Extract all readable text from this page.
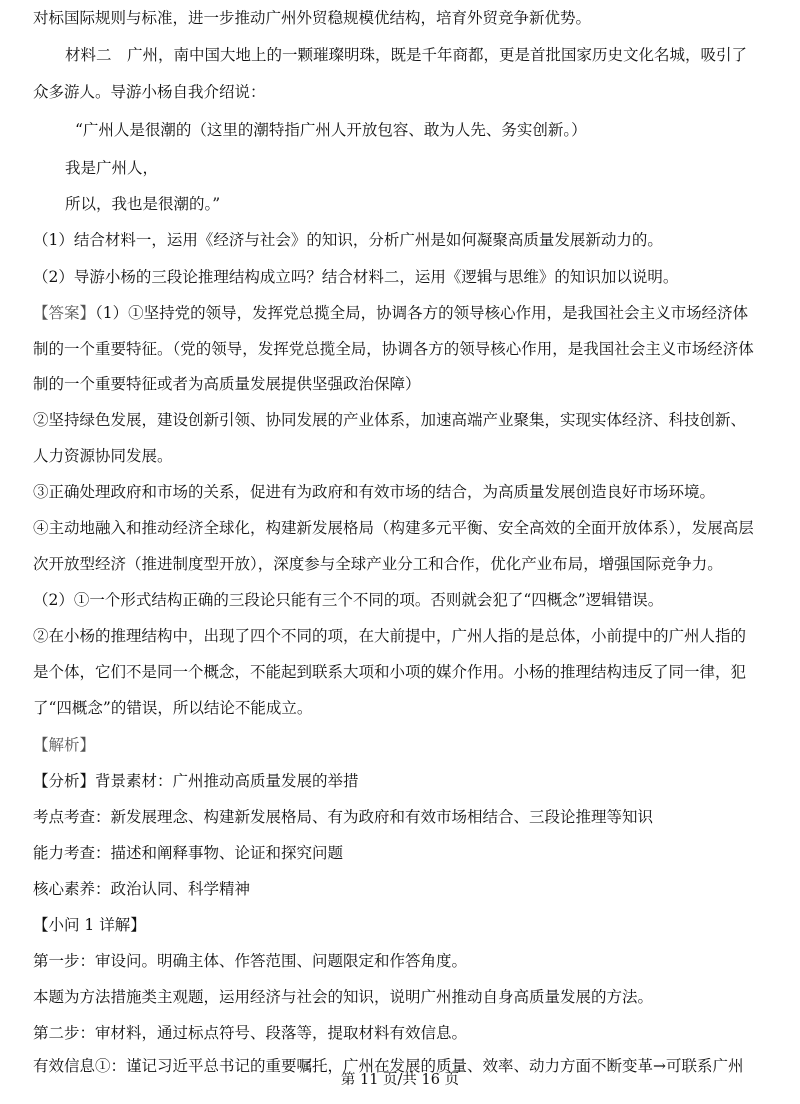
对标国际规则与标准，进一步推动广州外贸稳规模优结构，培育外贸竞争新优势。
材料二　广州，南中国大地上的一颗璀璨明珠，既是千年商都，更是首批国家历史文化名城，吸引了
众多游人。导游小杨自我介绍说：
“广州人是很潮的（这里的潮特指广州人开放包容、敢为人先、务实创新。）
我是广州人，
所以，我也是很潮的。”
（1）结合材料一，运用《经济与社会》的知识，分析广州是如何凝聚高质量发展新动力的。
（2）导游小杨的三段论推理结构成立吗？结合材料二，运用《逻辑与思维》的知识加以说明。
【答案】（1）①坚持党的领导，发挥党总揽全局，协调各方的领导核心作用，是我国社会主义市场经济体
制的一个重要特征。（党的领导，发挥党总揽全局，协调各方的领导核心作用，是我国社会主义市场经济体
制的一个重要特征或者为高质量发展提供坚强政治保障）
②坚持绿色发展，建设创新引领、协同发展的产业体系，加速高端产业聚集，实现实体经济、科技创新、
人力资源协同发展。
③正确处理政府和市场的关系，促进有为政府和有效市场的结合，为高质量发展创造良好市场环境。
④主动地融入和推动经济全球化，构建新发展格局（构建多元平衡、安全高效的全面开放体系），发展高层
次开放型经济（推进制度型开放），深度参与全球产业分工和合作，优化产业布局，增强国际竞争力。
（2）①一个形式结构正确的三段论只能有三个不同的项。否则就会犯了“四概念”逻辑错误。
②在小杨的推理结构中，出现了四个不同的项，在大前提中，广州人指的是总体，小前提中的广州人指的
是个体，它们不是同一个概念，不能起到联系大项和小项的媒介作用。小杨的推理结构违反了同一律，犯
了“四概念”的错误，所以结论不能成立。
【解析】
【分析】背景素材：广州推动高质量发展的举措
考点考查：新发展理念、构建新发展格局、有为政府和有效市场相结合、三段论推理等知识
能力考查：描述和阐释事物、论证和探究问题
核心素养：政治认同、科学精神
【小问 1 详解】
第一步：审设问。明确主体、作答范围、问题限定和作答角度。
本题为方法措施类主观题，运用经济与社会的知识，说明广州推动自身高质量发展的方法。
第二步：审材料，通过标点符号、段落等，提取材料有效信息。
有效信息①：谨记习近平总书记的重要嘱托，广州在发展的质量、效率、动力方面不断变革→可联系广州
第 11 页/共 16 页
